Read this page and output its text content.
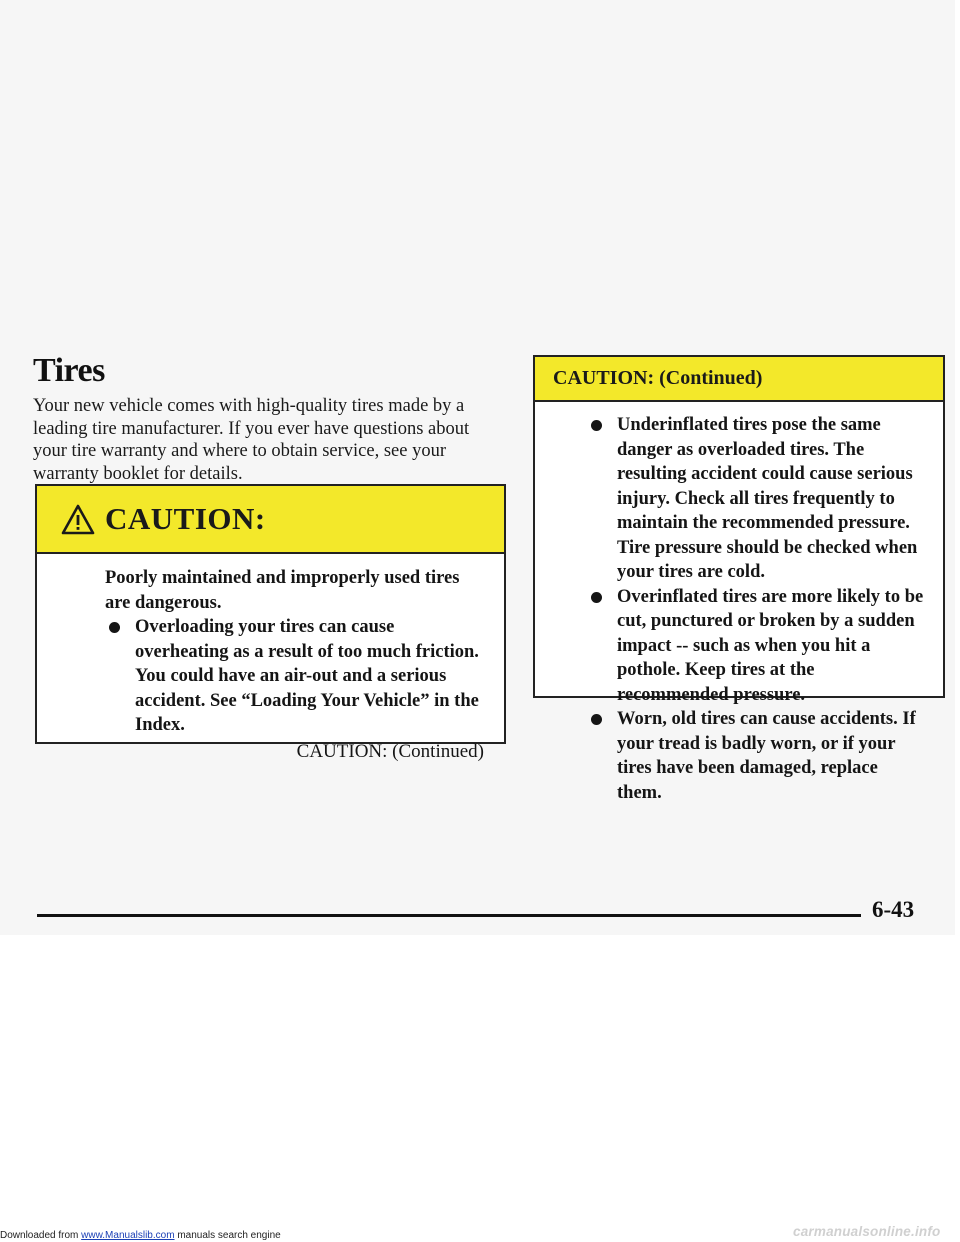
Tires
Your new vehicle comes with high-quality tires made by a leading tire manufacturer. If you ever have questions about your tire warranty and where to obtain service, see your warranty booklet for details.
CAUTION:
Poorly maintained and improperly used tires are dangerous.
Overloading your tires can cause overheating as a result of too much friction. You could have an air-out and a serious accident. See “Loading Your Vehicle” in the Index.
CAUTION: (Continued)
CAUTION: (Continued)
Underinflated tires pose the same danger as overloaded tires. The resulting accident could cause serious injury. Check all tires frequently to maintain the recommended pressure. Tire pressure should be checked when your tires are cold.
Overinflated tires are more likely to be cut, punctured or broken by a sudden impact -- such as when you hit a pothole. Keep tires at the recommended pressure.
Worn, old tires can cause accidents. If your tread is badly worn, or if your tires have been damaged, replace them.
6-43
Downloaded from www.Manualslib.com manuals search engine	carmanualsonline.info
